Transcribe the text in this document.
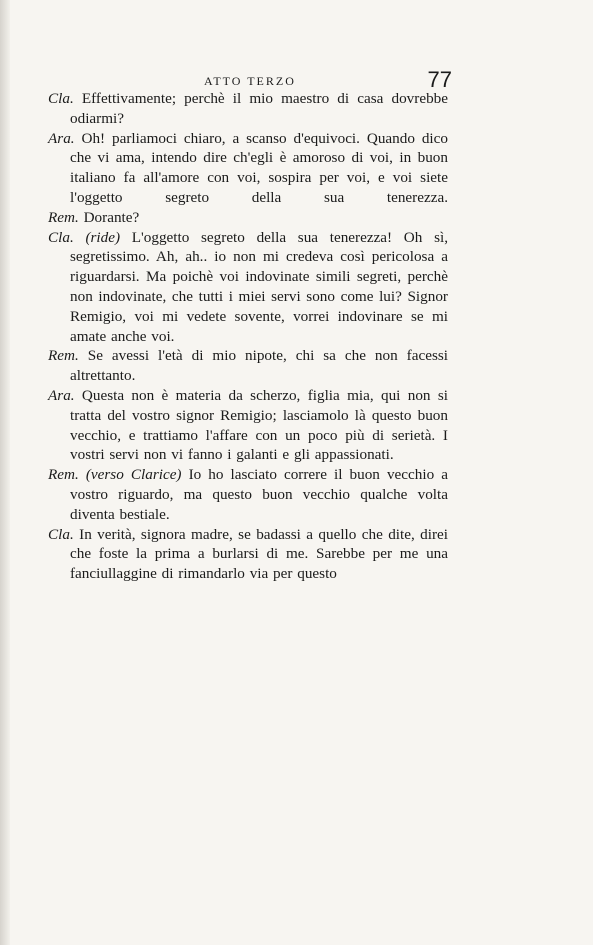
ATTO TERZO	77

Cla. Effettivamente; perchè il mio maestro di casa dovrebbe odiarmi?

Ara. Oh! parliamoci chiaro, a scanso d'equivoci. Quando dico che vi ama, intendo dire ch'egli è amoroso di voi, in buon italiano fa all'amore con voi, sospira per voi, e voi siete l'oggetto segreto della sua tenerezza.

Rem. Dorante?

Cla. (ride) L'oggetto segreto della sua tenerezza! Oh sì, segretissimo. Ah, ah.. io non mi credeva così pericolosa a riguardarsi. Ma poichè voi indovinate simili segreti, perchè non indovinate, che tutti i miei servi sono come lui? Signor Remigio, voi mi vedete sovente, vorrei indovinare se mi amate anche voi.

Rem. Se avessi l'età di mio nipote, chi sa che non facessi altrettanto.

Ara. Questa non è materia da scherzo, figlia mia, qui non si tratta del vostro signor Remigio; lasciamolo là questo buon vecchio, e trattiamo l'affare con un poco più di serietà. I vostri servi non vi fanno i galanti e gli appassionati.

Rem. (verso Clarice) Io ho lasciato correre il buon vecchio a vostro riguardo, ma questo buon vecchio qualche volta diventa bestiale.

Cla. In verità, signora madre, se badassi a quello che dite, direi che foste la prima a burlarsi di me. Sarebbe per me una fanciullaggine di rimandarlo via per questo
